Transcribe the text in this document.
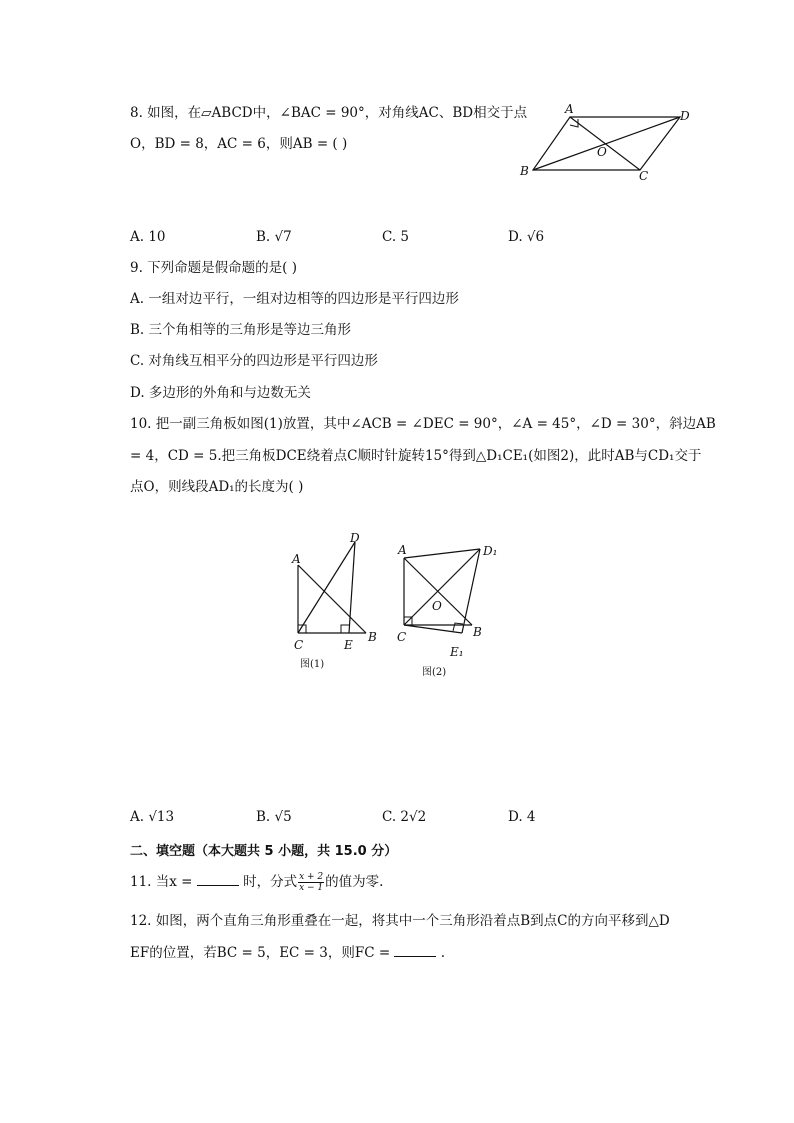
8. 如图，在▱ABCD中，∠BAC = 90°，对角线AC、BD相交于点
O，BD = 8，AC = 6，则AB = ( )
A	D
B	C
O
A. 10	B. √7	C. 5	D. √6
9. 下列命题是假命题的是( )
A. 一组对边平行，一组对边相等的四边形是平行四边形
B. 三个角相等的三角形是等边三角形
C. 对角线互相平分的四边形是平行四边形
D. 多边形的外角和与边数无关
10. 把一副三角板如图(1)放置，其中∠ACB = ∠DEC = 90°，∠A = 45°，∠D = 30°，斜边AB
= 4，CD = 5.把三角板DCE绕着点C顺时针旋转15°得到△D₁CE₁(如图2)，此时AB与CD₁交于
点O，则线段AD₁的长度为( )
A
D
C	E
B
图(1)
A	D₁
O
C	B
E₁
图(2)
A. √13	B. √5	C. 2√2	D. 4
二、填空题（本大题共 5 小题，共 15.0 分）
11. 当x =	时，分式 $\frac{x + 2}{x - 1}$ 的值为零.
12. 如图，两个直角三角形重叠在一起，将其中一个三角形沿着点B到点C的方向平移到△D
EF的位置，若BC = 5，EC = 3，则FC =	.
